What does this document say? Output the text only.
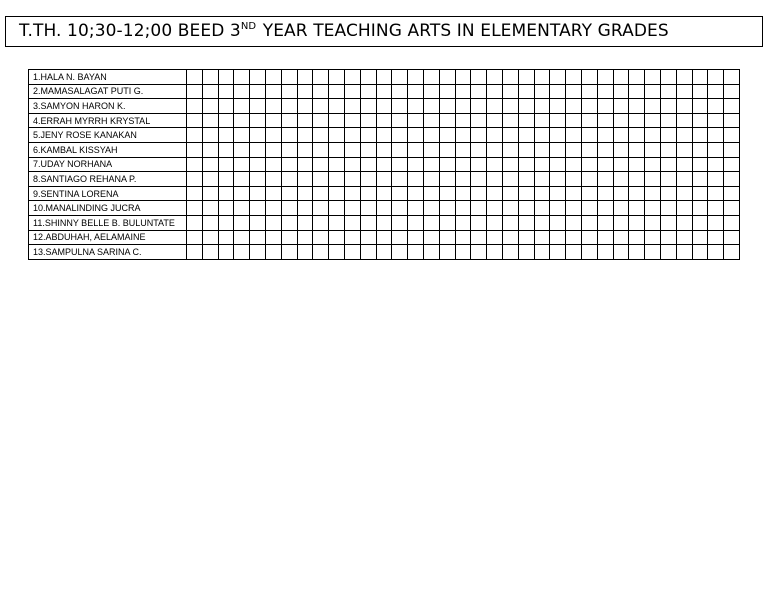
T.TH. 10;30-12;00 BEED 3ND YEAR TEACHING ARTS IN ELEMENTARY GRADES
1.HALA N. BAYAN																																			
2.MAMASALAGAT PUTI G.																																			
3.SAMYON HARON K.																																			
4.ERRAH MYRRH KRYSTAL																																			
5.JENY ROSE KANAKAN																																			
6.KAMBAL KISSYAH																																			
7.UDAY NORHANA																																			
8.SANTIAGO REHANA P.																																			
9.SENTINA LORENA																																			
10.MANALINDING JUCRA																																			
11.SHINNY BELLE B. BULUNTATE																																			
12.ABDUHAH, AELAMAINE																																			
13.SAMPULNA SARINA C.																																			
